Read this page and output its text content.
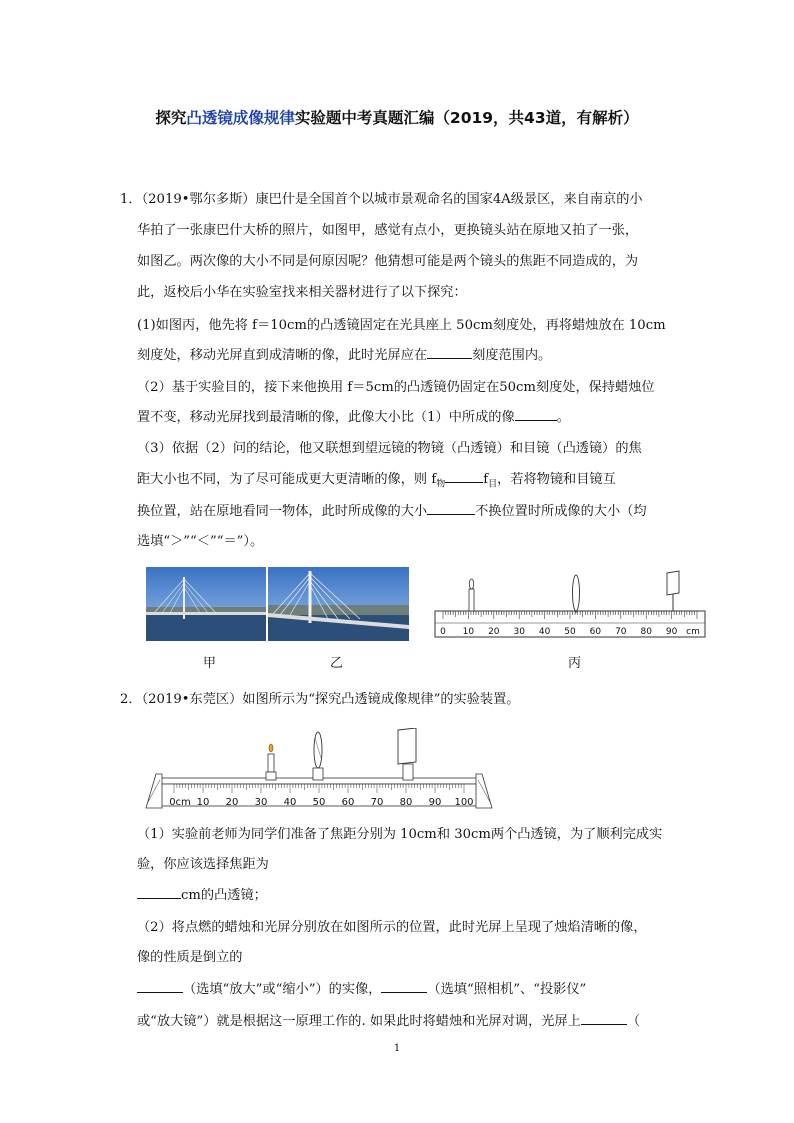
探究凸透镜成像规律实验题中考真题汇编（2019，共43道，有解析）
1．（2019•鄂尔多斯）康巴什是全国首个以城市景观命名的国家4A级景区，来自南京的小
华拍了一张康巴什大桥的照片，如图甲，感觉有点小，更换镜头站在原地又拍了一张，
如图乙。两次像的大小不同是何原因呢？他猜想可能是两个镜头的焦距不同造成的，为
此，返校后小华在实验室找来相关器材进行了以下探究：
(1)如图丙，他先将 f＝10cm的凸透镜固定在光具座上 50cm刻度处，再将蜡烛放在 10cm
刻度处，移动光屏直到成清晰的像，此时光屏应在	刻度范围内。
（2）基于实验目的，接下来他换用 f＝5cm的凸透镜仍固定在50cm刻度处，保持蜡烛位
置不变，移动光屏找到最清晰的像，此像大小比（1）中所成的像	。
（3）依据（2）问的结论，他又联想到望远镜的物镜（凸透镜）和目镜（凸透镜）的焦
距大小也不同，为了尽可能成更大更清晰的像，则 $f_物$	$f_目$，若将物镜和目镜互
换位置，站在原地看同一物体，此时所成像的大小	不换位置时所成像的大小（均
选填“＞”“＜”“＝”）。
0 10 20 30 40 50 60 70 80 90 cm
甲	乙	丙
2．（2019•东莞区）如图所示为“探究凸透镜成像规律”的实验装置。
0cm 10 20 30 40 50 60 70 80 90 100
（1）实验前老师为同学们准备了焦距分别为 10cm和 30cm两个凸透镜，为了顺利完成实
验，你应该选择焦距为
cm的凸透镜；
（2）将点燃的蜡烛和光屏分别放在如图所示的位置，此时光屏上呈现了烛焰清晰的像，
像的性质是倒立的
（选填“放大”或“缩小”）的实像，	（选填“照相机”、“投影仪”
或“放大镜”）就是根据这一原理工作的. 如果此时将蜡烛和光屏对调，光屏上	（
1
